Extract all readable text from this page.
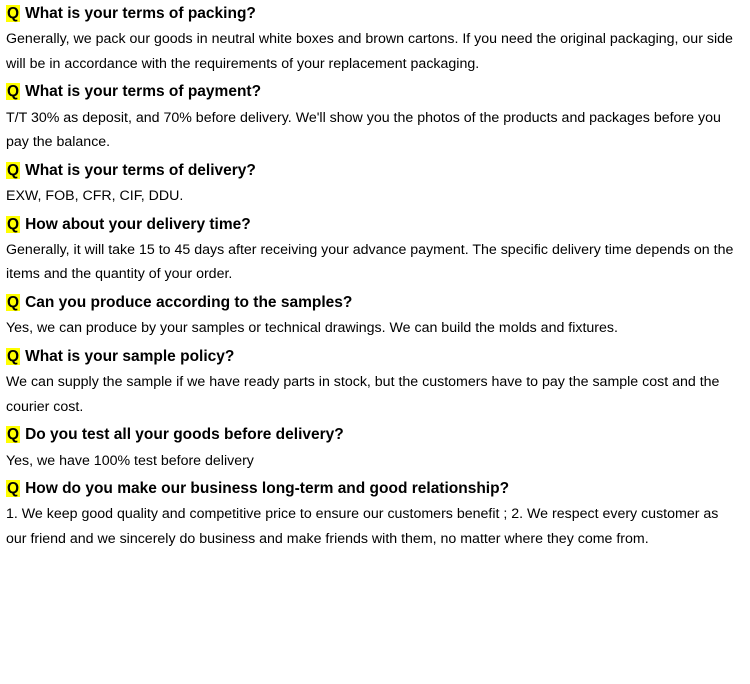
Q What is your terms of packing?
Generally, we pack our goods in neutral white boxes and brown cartons. If you need the original packaging, our side will be in accordance with the requirements of your replacement packaging.
Q What is your terms of payment?
T/T 30% as deposit, and 70% before delivery. We'll show you the photos of the products and packages before you pay the balance.
Q What is your terms of delivery?
EXW, FOB, CFR, CIF, DDU.
Q How about your delivery time?
Generally, it will take 15 to 45 days after receiving your advance payment. The specific delivery time depends on the items and the quantity of your order.
Q Can you produce according to the samples?
Yes, we can produce by your samples or technical drawings. We can build the molds and fixtures.
Q What is your sample policy?
We can supply the sample if we have ready parts in stock, but the customers have to pay the sample cost and the courier cost.
Q Do you test all your goods before delivery?
Yes, we have 100% test before delivery
Q How do you make our business long-term and good relationship?
1. We keep good quality and competitive price to ensure our customers benefit ; 2. We respect every customer as our friend and we sincerely do business and make friends with them, no matter where they come from.
